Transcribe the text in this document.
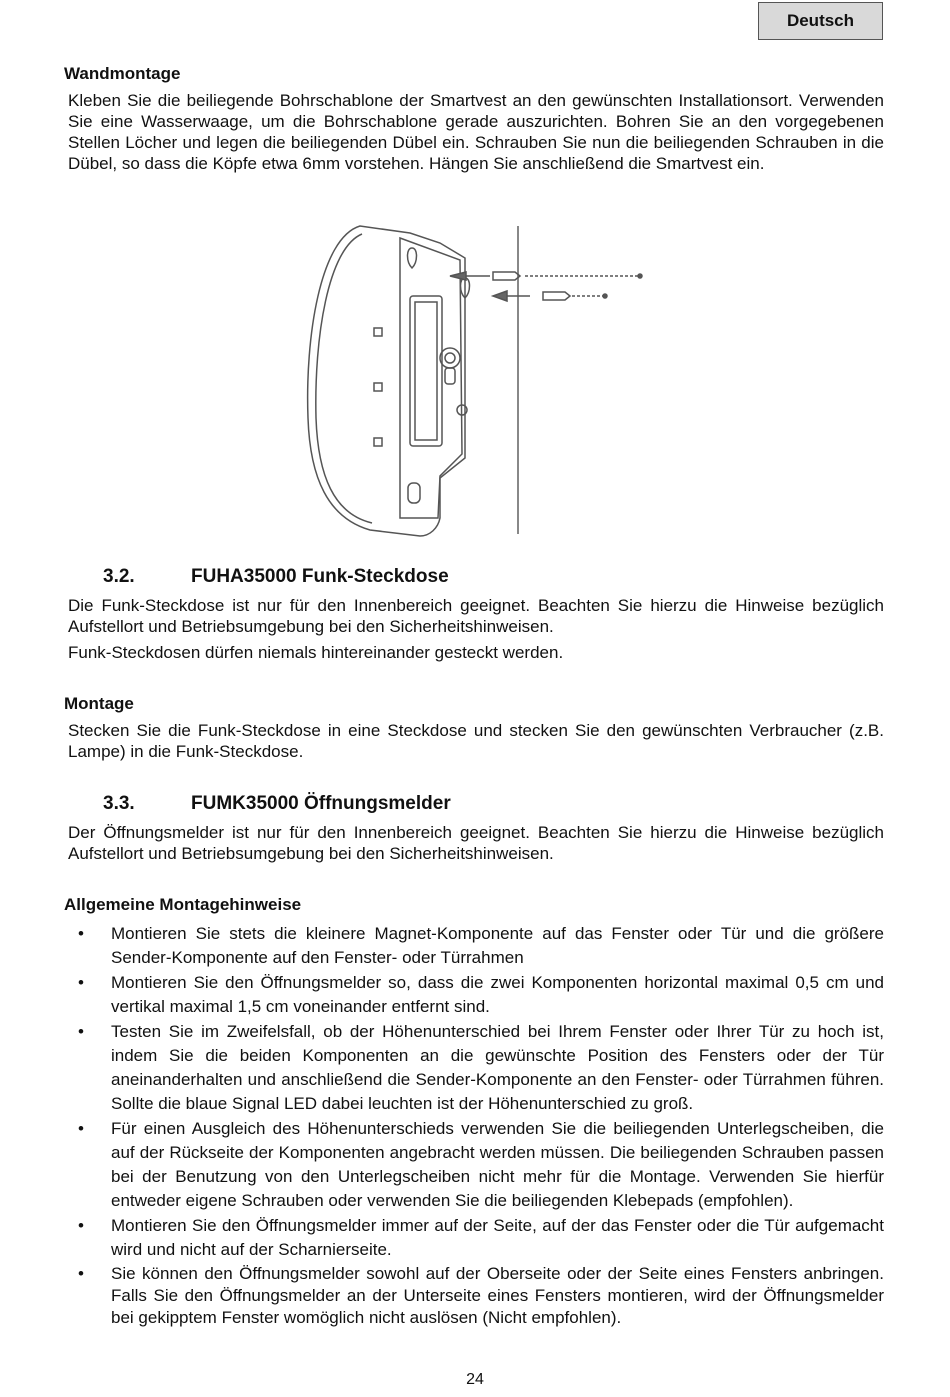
Deutsch
Wandmontage
Kleben Sie die beiliegende Bohrschablone der Smartvest an den gewünschten Installationsort. Verwenden Sie eine Wasserwaage, um die Bohrschablone gerade auszurichten. Bohren Sie an den vorgegebenen Stellen Löcher und legen die beiliegenden Dübel ein. Schrauben Sie nun die beiliegenden Schrauben in die Dübel, so dass die Köpfe etwa 6mm vorstehen. Hängen Sie anschließend die Smartvest ein.
3.2.	FUHA35000 Funk-Steckdose
Die Funk-Steckdose ist nur für den Innenbereich geeignet. Beachten Sie hierzu die Hinweise bezüglich Aufstellort und Betriebsumgebung bei den Sicherheitshinweisen.
Funk-Steckdosen dürfen niemals hintereinander gesteckt werden.
Montage
Stecken Sie die Funk-Steckdose in eine Steckdose und stecken Sie den gewünschten Verbraucher (z.B. Lampe) in die Funk-Steckdose.
3.3.	FUMK35000 Öffnungsmelder
Der Öffnungsmelder ist nur für den Innenbereich geeignet. Beachten Sie hierzu die Hinweise bezüglich Aufstellort und Betriebsumgebung bei den Sicherheitshinweisen.
Allgemeine Montagehinweise
• Montieren Sie stets die kleinere Magnet-Komponente auf das Fenster oder Tür und die größere Sender-Komponente auf den Fenster- oder Türrahmen
• Montieren Sie den Öffnungsmelder so, dass die zwei Komponenten horizontal maximal 0,5 cm und vertikal maximal 1,5 cm voneinander entfernt sind.
• Testen Sie im Zweifelsfall, ob der Höhenunterschied bei Ihrem Fenster oder Ihrer Tür zu hoch ist, indem Sie die beiden Komponenten an die gewünschte Position des Fensters oder der Tür aneinanderhalten und anschließend die Sender-Komponente an den Fenster- oder Türrahmen führen. Sollte die blaue Signal LED dabei leuchten ist der Höhenunterschied zu groß.
• Für einen Ausgleich des Höhenunterschieds verwenden Sie die beiliegenden Unterlegscheiben, die auf der Rückseite der Komponenten angebracht werden müssen. Die beiliegenden Schrauben passen bei der Benutzung von den Unterlegscheiben nicht mehr für die Montage. Verwenden Sie hierfür entweder eigene Schrauben oder verwenden Sie die beiliegenden Klebepads (empfohlen).
• Montieren Sie den Öffnungsmelder immer auf der Seite, auf der das Fenster oder die Tür aufgemacht wird und nicht auf der Scharnierseite.
• Sie können den Öffnungsmelder sowohl auf der Oberseite oder der Seite eines Fensters anbringen. Falls Sie den Öffnungsmelder an der Unterseite eines Fensters montieren, wird der Öffnungsmelder bei gekipptem Fenster womöglich nicht auslösen (Nicht empfohlen).
24
